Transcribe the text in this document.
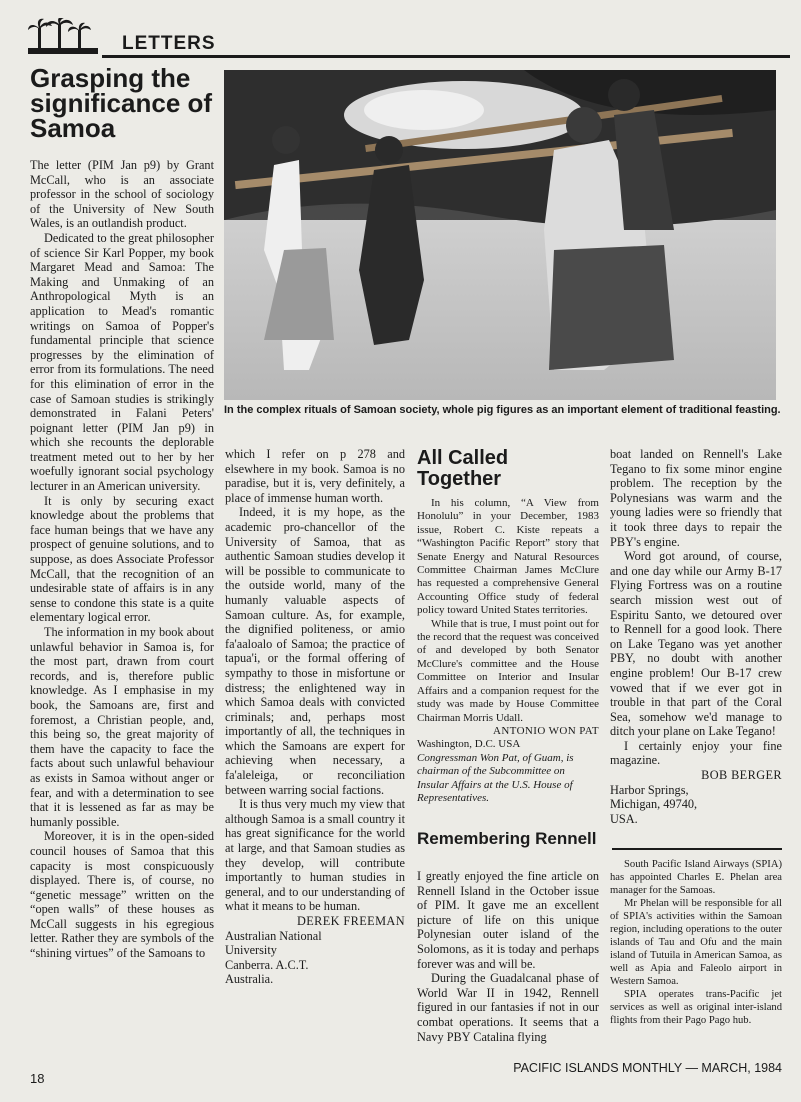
LETTERS
Grasping the significance of Samoa
In the complex rituals of Samoan society, whole pig figures as an important element of traditional feasting.

The letter (PIM Jan p9) by Grant McCall, who is an associate professor in the school of sociology of the University of New South Wales, is an outlandish product.

Dedicated to the great philosopher of science Sir Karl Popper, my book Margaret Mead and Samoa: The Making and Unmaking of an Anthropological Myth is an application to Mead's romantic writings on Samoa of Popper's fundamental principle that science progresses by the elimination of error from its formulations. The need for this elimination of error in the case of Samoan studies is strikingly demonstrated in Falani Peters' poignant letter (PIM Jan p9) in which she recounts the deplorable treatment meted out to her by her woefully ignorant social psychology lecturer in an American university.

It is only by securing exact knowledge about the problems that face human beings that we have any prospect of genuine solutions, and to suppose, as does Associate Professor McCall, that the recognition of an undesirable state of affairs is in any sense to condone this state is a quite elementary logical error.

The information in my book about unlawful behavior in Samoa is, for the most part, drawn from court records, and is, therefore public knowledge. As I emphasise in my book, the Samoans are, first and foremost, a Christian people, and, this being so, the great majority of them have the capacity to face the facts about such unlawful behaviour as exists in Samoa without anger or fear, and with a determination to see that it is lessened as far as may be humanly possible.

Moreover, it is in the open-sided council houses of Samoa that this capacity is most conspicuously displayed. There is, of course, no “genetic message” written on the “open walls” of these houses as McCall suggests in his egregious letter. Rather they are symbols of the “shining virtues” of the Samoans to

which I refer on p 278 and elsewhere in my book. Samoa is no paradise, but it is, very definitely, a place of immense human worth.

Indeed, it is my hope, as the academic pro-chancellor of the University of Samoa, that as authentic Samoan studies develop it will be possible to communicate to the outside world, many of the humanly valuable aspects of Samoan culture. As, for example, the dignified politeness, or amio fa'aaloalo of Samoa; the practice of tapua'i, or the formal offering of sympathy to those in misfortune or distress; the enlightened way in which Samoa deals with convicted criminals; and, perhaps most importantly of all, the techniques in which the Samoans are expert for achieving when necessary, a fa'aleleiga, or reconciliation between warring social factions.

It is thus very much my view that although Samoa is a small country it has great significance for the world at large, and that Samoan studies as they develop, will contribute importantly to human studies in general, and to our understanding of what it means to be human.

DEREK FREEMAN

Australian National

University

Canberra. A.C.T.

Australia.

All Called Together

In his column, “A View from Honolulu” in your December, 1983 issue, Robert C. Kiste repeats a “Washington Pacific Report” story that Senate Energy and Natural Resources Committee Chairman James McClure has requested a comprehensive General Accounting Office study of federal policy toward United States territories.

While that is true, I must point out for the record that the request was conceived of and developed by both Senator McClure's committee and the House Committee on Interior and Insular Affairs and a companion request for the study was made by House Committee Chairman Morris Udall.

ANTONIO WON PAT

Washington, D.C. USA

Congressman Won Pat, of Guam, is chairman of the Subcommittee on Insular Affairs at the U.S. House of Representatives.

Remembering Rennell

I greatly enjoyed the fine article on Rennell Island in the October issue of PIM. It gave me an excellent picture of life on this unique Polynesian outer island of the Solomons, as it is today and perhaps forever was and will be.

During the Guadalcanal phase of World War II in 1942, Rennell figured in our fantasies if not in our combat operations. It seems that a Navy PBY Catalina flying

boat landed on Rennell's Lake Tegano to fix some minor engine problem. The reception by the Polynesians was warm and the young ladies were so friendly that it took three days to repair the PBY's engine.

Word got around, of course, and one day while our Army B-17 Flying Fortress was on a routine search mission west out of Espiritu Santo, we detoured over to Rennell for a good look. There on Lake Tegano was yet another PBY, no doubt with another engine problem! Our B-17 crew vowed that if we ever got in trouble in that part of the Coral Sea, somehow we'd manage to ditch your plane on Lake Tegano!

I certainly enjoy your fine magazine.

BOB BERGER

Harbor Springs,

Michigan, 49740,

USA.

South Pacific Island Airways (SPIA) has appointed Charles E. Phelan area manager for the Samoas.

Mr Phelan will be responsible for all of SPIA's activities within the Samoan region, including operations to the outer islands of Tau and Ofu and the main island of Tutuila in American Samoa, as well as Apia and Faleolo airport in Western Samoa.

SPIA operates trans-Pacific jet services as well as original inter-island flights from their Pago Pago hub.

18
PACIFIC ISLANDS MONTHLY — MARCH, 1984
